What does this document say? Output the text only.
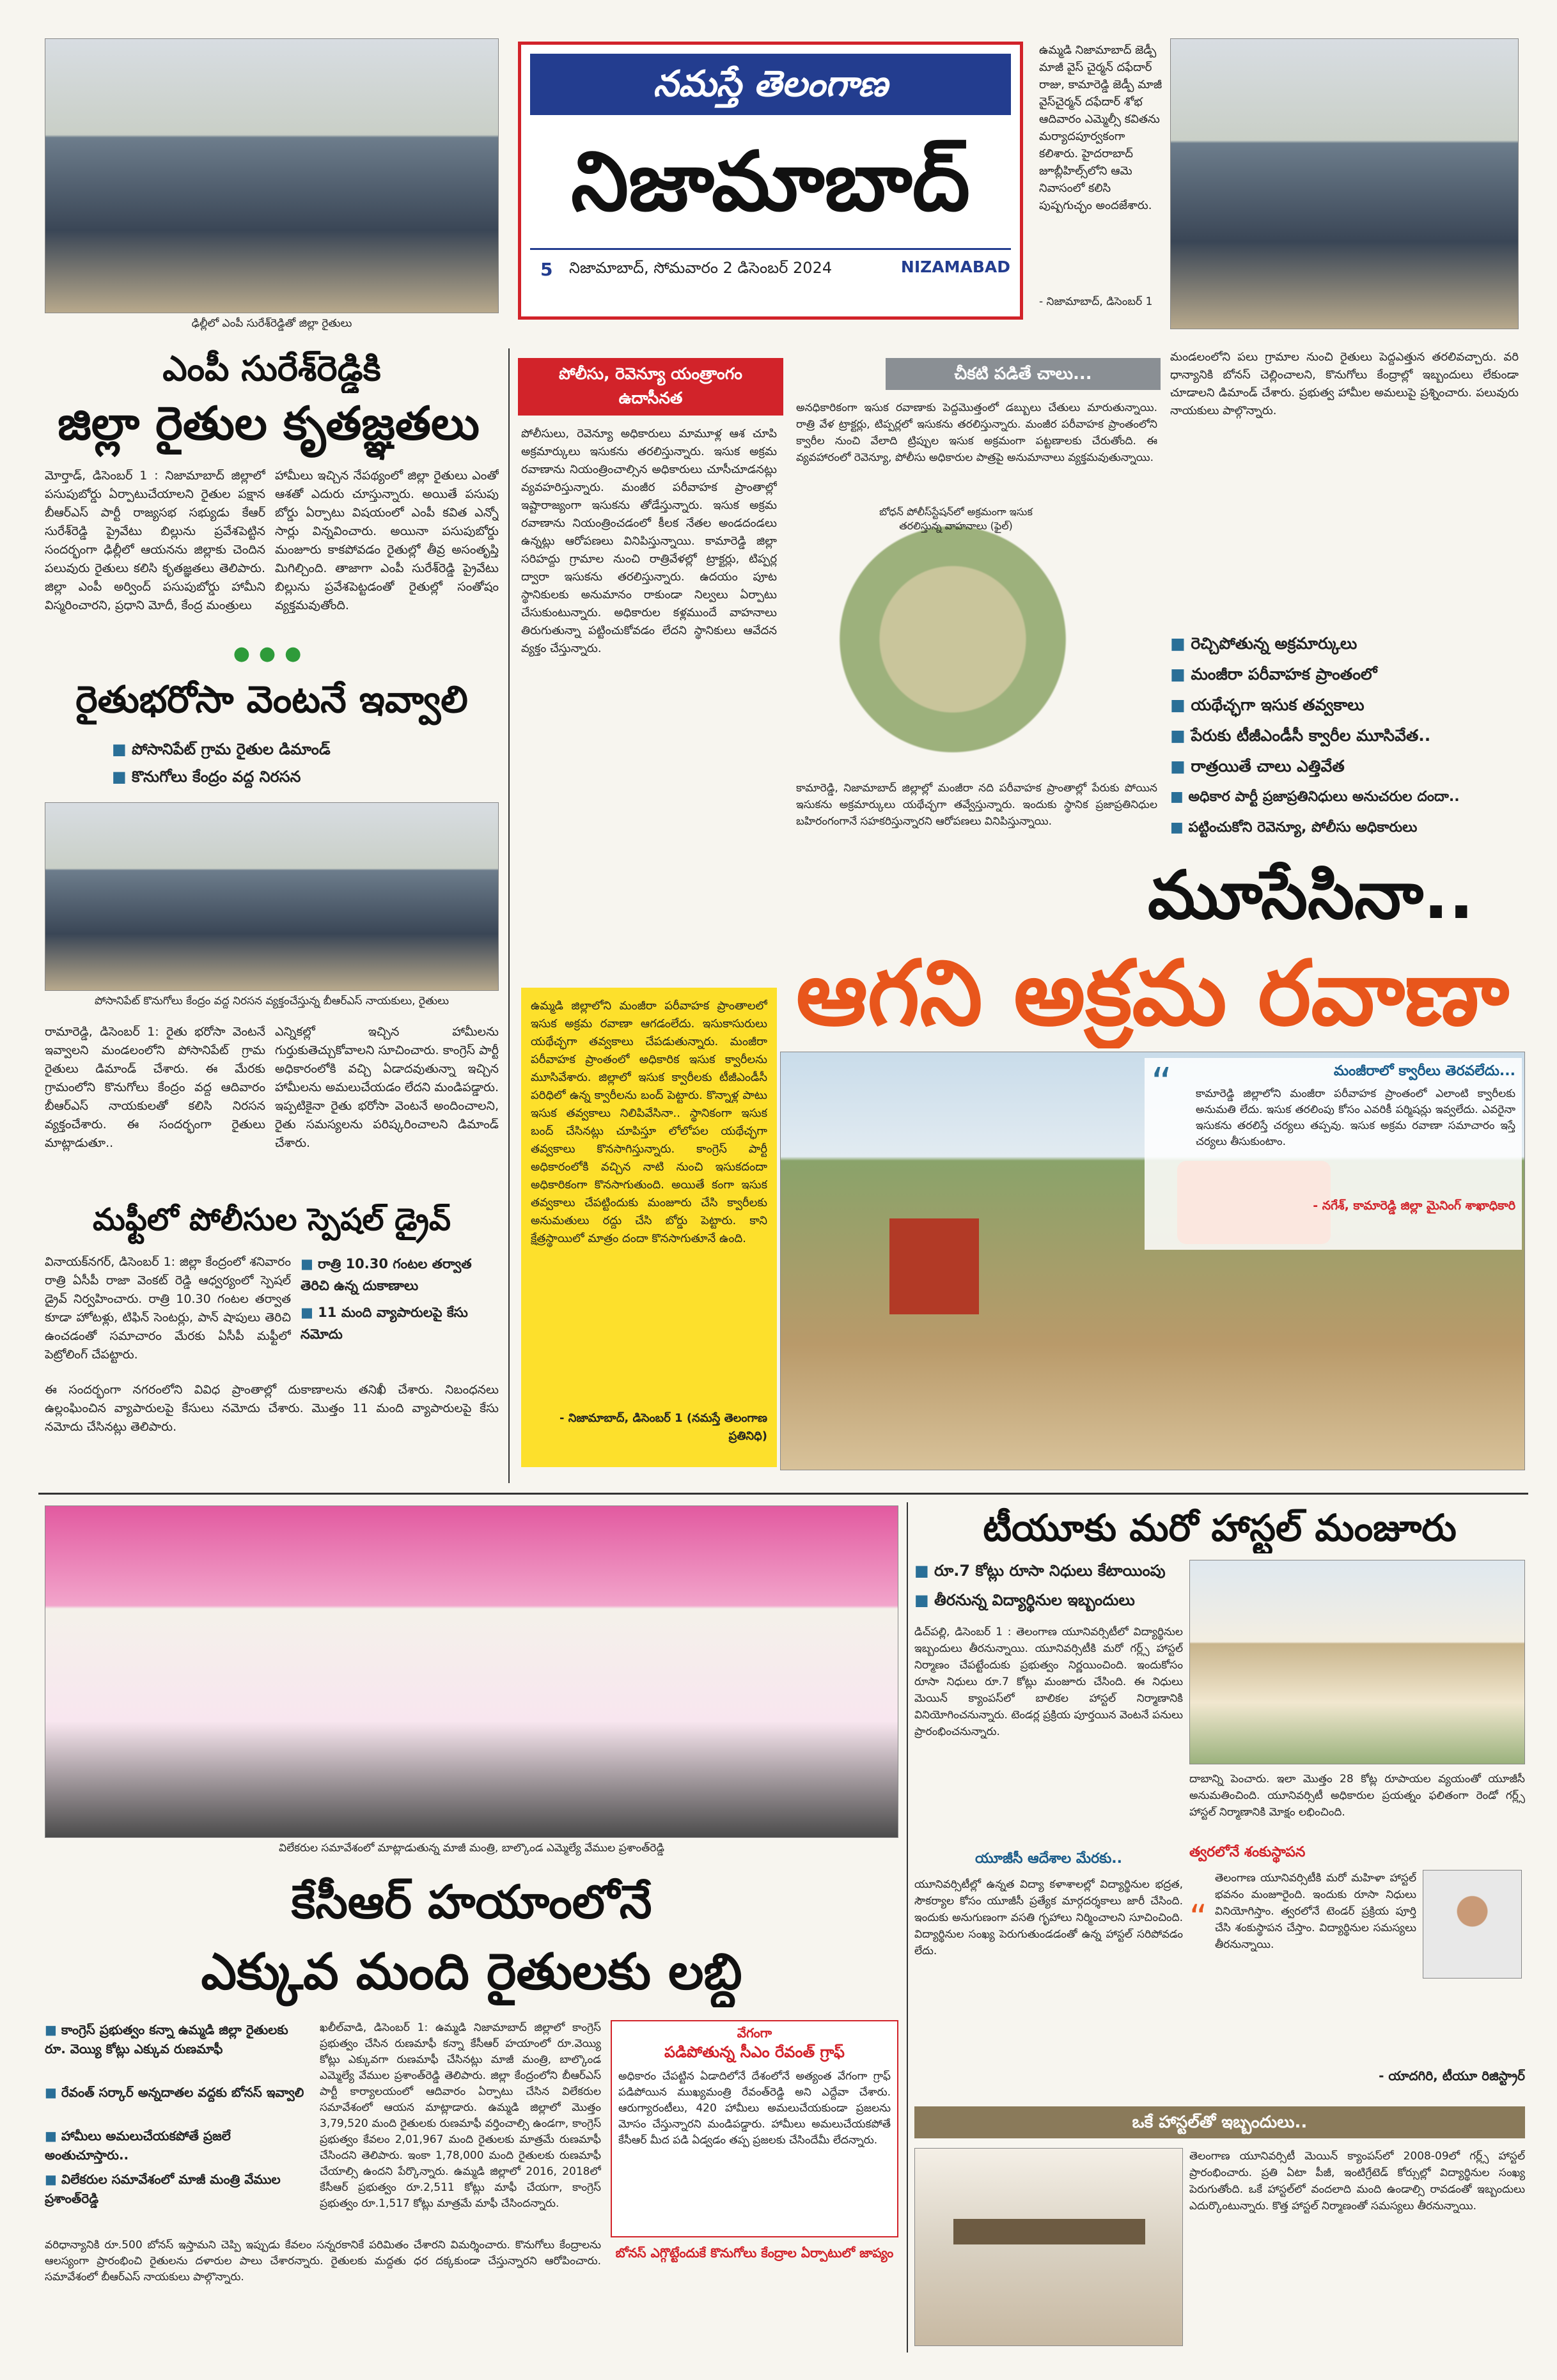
ఢిల్లీలో ఎంపీ సురేశ్‌రెడ్డితో జిల్లా రైతులు
ఎంపీ సురేశ్‌రెడ్డికి
జిల్లా రైతుల కృతజ్ఞతలు
మోర్తాడ్, డిసెంబర్ 1 : నిజామాబాద్ జిల్లాలో పసుపుబోర్డు ఏర్పాటుచేయాలని రైతుల పక్షాన బీఆర్‌ఎస్ పార్టీ రాజ్యసభ సభ్యుడు కేఆర్ సురేశ్‌రెడ్డి ప్రైవేటు బిల్లును ప్రవేశపెట్టిన సందర్భంగా ఢిల్లీలో ఆయనను జిల్లాకు చెందిన పలువురు రైతులు కలిసి కృతజ్ఞతలు తెలిపారు. జిల్లా ఎంపీ అర్వింద్ పసుపుబోర్డు హామీని విస్మరించారని, ప్రధాని మోదీ, కేంద్ర మంత్రులు
హామీలు ఇచ్చిన నేపథ్యంలో జిల్లా రైతులు ఎంతో ఆశతో ఎదురు చూస్తున్నారు. అయితే పసుపు బోర్డు ఏర్పాటు విషయంలో ఎంపీ కవిత ఎన్నో సార్లు విన్నవించారు. అయినా పసుపుబోర్డు మంజూరు కాకపోవడం రైతుల్లో తీవ్ర అసంతృప్తి మిగిల్చింది. తాజాగా ఎంపీ సురేశ్‌రెడ్డి ప్రైవేటు బిల్లును ప్రవేశపెట్టడంతో రైతుల్లో సంతోషం వ్యక్తమవుతోంది.
●●●
రైతుభరోసా వెంటనే ఇవ్వాలి
■ పోసానిపేట్ గ్రామ రైతుల డిమాండ్
■ కొనుగోలు కేంద్రం వద్ద నిరసన
పోసానిపేట్ కొనుగోలు కేంద్రం వద్ద నిరసన వ్యక్తంచేస్తున్న బీఆర్‌ఎస్ నాయకులు, రైతులు
రామారెడ్డి, డిసెంబర్ 1: రైతు భరోసా వెంటనే ఇవ్వాలని మండలంలోని పోసానిపేట్ గ్రామ రైతులు డిమాండ్ చేశారు. ఈ మేరకు గ్రామంలోని కొనుగోలు కేంద్రం వద్ద ఆదివారం బీఆర్‌ఎస్ నాయకులతో కలిసి నిరసన వ్యక్తంచేశారు. ఈ సందర్భంగా రైతులు మాట్లాడుతూ..
ఎన్నికల్లో ఇచ్చిన హామీలను గుర్తుకుతెచ్చుకోవాలని సూచించారు. కాంగ్రెస్ పార్టీ అధికారంలోకి వచ్చి ఏడాదవుతున్నా ఇచ్చిన హామీలను అమలుచేయడం లేదని మండిపడ్డారు. ఇప్పటికైనా రైతు భరోసా వెంటనే అందించాలని, రైతు సమస్యలను పరిష్కరించాలని డిమాండ్ చేశారు.
మఫ్టీలో పోలీసుల స్పెషల్ డ్రైవ్
వినాయక్‌నగర్, డిసెంబర్ 1: జిల్లా కేంద్రంలో శనివారం రాత్రి ఏసీపీ రాజా వెంకట్ రెడ్డి ఆధ్వర్యంలో స్పెషల్ డ్రైవ్ నిర్వహించారు. రాత్రి 10.30 గంటల తర్వాత కూడా హోటళ్లు, టిఫిన్ సెంటర్లు, పాన్ షాపులు తెరిచి ఉంచడంతో సమాచారం మేరకు ఏసీపీ మఫ్టీలో పెట్రోలింగ్ చేపట్టారు.
■ రాత్రి 10.30 గంటల తర్వాత తెరిచి ఉన్న దుకాణాలు
■ 11 మంది వ్యాపారులపై కేసు నమోదు
ఈ సందర్భంగా నగరంలోని వివిధ ప్రాంతాల్లో దుకాణాలను తనిఖీ చేశారు. నిబంధనలు ఉల్లంఘించిన వ్యాపారులపై కేసులు నమోదు చేశారు. మొత్తం 11 మంది వ్యాపారులపై కేసు నమోదు చేసినట్లు తెలిపారు.
నమస్తే తెలంగాణ
నిజామాబాద్
5	నిజామాబాద్, సోమవారం 2 డిసెంబర్ 2024	NIZAMABAD
ఉమ్మడి నిజామాబాద్ జెడ్పీ మాజీ వైస్ చైర్మన్ దఫేదార్ రాజు, కామారెడ్డి జెడ్పీ మాజీ వైస్‌చైర్మన్ దఫేదార్ శోభ ఆదివారం ఎమ్మెల్సీ కవితను మర్యాదపూర్వకంగా కలిశారు. హైదరాబాద్ జూబ్లీహిల్స్‌లోని ఆమె నివాసంలో కలిసి పుష్పగుచ్ఛం అందజేశారు.
- నిజామాబాద్, డిసెంబర్ 1
పోలీసు, రెవెన్యూ యంత్రాంగం ఉదాసీనత
పోలీసులు, రెవెన్యూ అధికారులు మామూళ్ల ఆశ చూపి అక్రమార్కులు ఇసుకను తరలిస్తున్నారు. ఇసుక అక్రమ రవాణాను నియంత్రించాల్సిన అధికారులు చూసీచూడనట్లు వ్యవహరిస్తున్నారు. మంజీర పరీవాహక ప్రాంతాల్లో ఇష్టారాజ్యంగా ఇసుకను తోడేస్తున్నారు. ఇసుక అక్రమ రవాణాను నియంత్రించడంలో కీలక నేతల అండదండలు ఉన్నట్లు ఆరోపణలు వినిపిస్తున్నాయి. కామారెడ్డి జిల్లా సరిహద్దు గ్రామాల నుంచి రాత్రివేళల్లో ట్రాక్టర్లు, టిప్పర్ల ద్వారా ఇసుకను తరలిస్తున్నారు. ఉదయం పూట స్థానికులకు అనుమానం రాకుండా నిల్వలు ఏర్పాటు చేసుకుంటున్నారు. అధికారుల కళ్లముందే వాహనాలు తిరుగుతున్నా పట్టించుకోవడం లేదని స్థానికులు ఆవేదన వ్యక్తం చేస్తున్నారు.
చీకటి పడితే చాలు...
అనధికారికంగా ఇసుక రవాణాకు పెద్దమొత్తంలో డబ్బులు చేతులు మారుతున్నాయి. రాత్రి వేళ ట్రాక్టర్లు, టిప్పర్లలో ఇసుకను తరలిస్తున్నారు. మంజీర పరీవాహక ప్రాంతంలోని క్వారీల నుంచి వేలాది ట్రిప్పుల ఇసుక అక్రమంగా పట్టణాలకు చేరుతోంది. ఈ వ్యవహారంలో రెవెన్యూ, పోలీసు అధికారుల పాత్రపై అనుమానాలు వ్యక్తమవుతున్నాయి.
బోధన్ పోలీస్‌స్టేషన్‌లో అక్రమంగా ఇసుక తరలిస్తున్న వాహనాలు (ఫైల్)
కామారెడ్డి, నిజామాబాద్ జిల్లాల్లో మంజీరా నది పరీవాహక ప్రాంతాల్లో పేరుకు పోయిన ఇసుకను అక్రమార్కులు యథేచ్ఛగా తవ్వేస్తున్నారు. ఇందుకు స్థానిక ప్రజాప్రతినిధుల బహిరంగంగానే సహకరిస్తున్నారని ఆరోపణలు వినిపిస్తున్నాయి.
మండలంలోని పలు గ్రామాల నుంచి రైతులు పెద్దఎత్తున తరలివచ్చారు. వరి ధాన్యానికి బోనస్ చెల్లించాలని, కొనుగోలు కేంద్రాల్లో ఇబ్బందులు లేకుండా చూడాలని డిమాండ్ చేశారు. ప్రభుత్వ హామీల అమలుపై ప్రశ్నించారు. పలువురు నాయకులు పాల్గొన్నారు.
■ రెచ్చిపోతున్న అక్రమార్కులు
■ మంజీరా పరీవాహక ప్రాంతంలో
■ యథేచ్ఛగా ఇసుక తవ్వకాలు
■ పేరుకు టీజీఎండీసీ క్వారీల మూసివేత..
■ రాత్రయితే చాలు ఎత్తివేత
■ అధికార పార్టీ ప్రజాప్రతినిధులు అనుచరుల దందా..
■ పట్టించుకోని రెవెన్యూ, పోలీసు అధికారులు
మూసేసినా..
ఆగని అక్రమ రవాణా
ఉమ్మడి జిల్లాలోని మంజీరా పరీవాహక ప్రాంతాలలో ఇసుక అక్రమ రవాణా ఆగడంలేదు. ఇసుకాసురులు యథేచ్ఛగా తవ్వకాలు చేపడుతున్నారు. మంజీరా పరీవాహక ప్రాంతంలో అధికారిక ఇసుక క్వారీలను మూసివేశారు. జిల్లాలో ఇసుక క్వారీలకు టీజీఎండీసీ పరిధిలో ఉన్న క్వారీలను బంద్ పెట్టారు. కొన్నాళ్ల పాటు ఇసుక తవ్వకాలు నిలిపివేసినా.. స్థానికంగా ఇసుక బంద్ చేసినట్లు చూపిస్తూ లోలోపల యథేచ్ఛగా తవ్వకాలు కొనసాగిస్తున్నారు. కాంగ్రెస్ పార్టీ అధికారంలోకి వచ్చిన నాటి నుంచి ఇసుకదందా అధికారికంగా కొనసాగుతుంది. అయితే కంగా ఇసుక తవ్వకాలు చేపట్టిందుకు మంజూరు చేసి క్వారీలకు అనుమతులు రద్దు చేసి బోర్డు పెట్టారు. కాని క్షేత్రస్థాయిలో మాత్రం దందా కొనసాగుతూనే ఉంది.
- నిజామాబాద్, డిసెంబర్ 1 (నమస్తే తెలంగాణ ప్రతినిధి)
“	మంజీరాలో క్వారీలు తెరవలేదు...
కామారెడ్డి జిల్లాలోని మంజీరా పరీవాహక ప్రాంతంలో ఎలాంటి క్వారీలకు అనుమతి లేదు. ఇసుక తరలింపు కోసం ఎవరికీ పర్మిషన్లు ఇవ్వలేదు. ఎవరైనా ఇసుకను తరలిస్తే చర్యలు తప్పవు. ఇసుక అక్రమ రవాణా సమాచారం ఇస్తే చర్యలు తీసుకుంటాం.
- నగేశ్, కామారెడ్డి జిల్లా మైనింగ్ శాఖాధికారి
విలేకరుల సమావేశంలో మాట్లాడుతున్న మాజీ మంత్రి, బాల్కొండ ఎమ్మెల్యే వేముల ప్రశాంత్‌రెడ్డి
కేసీఆర్ హయాంలోనే
ఎక్కువ మంది రైతులకు లబ్ధి
■ కాంగ్రెస్ ప్రభుత్వం కన్నా ఉమ్మడి జిల్లా రైతులకు రూ. వెయ్యి కోట్లు ఎక్కువ రుణమాఫీ
■ రేవంత్ సర్కార్ అన్నదాతల వద్దకు బోనస్ ఇవ్వాలి
■ హామీలు అమలుచేయకపోతే ప్రజలే అంతుచూస్తారు..
■ విలేకరుల సమావేశంలో మాజీ మంత్రి వేముల ప్రశాంత్‌రెడ్డి
ఖలీల్‌వాడి, డిసెంబర్ 1: ఉమ్మడి నిజామాబాద్ జిల్లాలో కాంగ్రెస్ ప్రభుత్వం చేసిన రుణమాఫీ కన్నా కేసీఆర్ హయాంలో రూ.వెయ్యి కోట్లు ఎక్కువగా రుణమాఫీ చేసినట్లు మాజీ మంత్రి, బాల్కొండ ఎమ్మెల్యే వేముల ప్రశాంత్‌రెడ్డి తెలిపారు. జిల్లా కేంద్రంలోని బీఆర్‌ఎస్ పార్టీ కార్యాలయంలో ఆదివారం ఏర్పాటు చేసిన విలేకరుల సమావేశంలో ఆయన మాట్లాడారు. ఉమ్మడి జిల్లాలో మొత్తం 3,79,520 మంది రైతులకు రుణమాఫీ వర్తించాల్సి ఉండగా, కాంగ్రెస్ ప్రభుత్వం కేవలం 2,01,967 మంది రైతులకు మాత్రమే రుణమాఫీ చేసిందని తెలిపారు. ఇంకా 1,78,000 మంది రైతులకు రుణమాఫీ చేయాల్సి ఉందని పేర్కొన్నారు. ఉమ్మడి జిల్లాలో 2016, 2018లో కేసీఆర్ ప్రభుత్వం రూ.2,511 కోట్లు మాఫీ చేయగా, కాంగ్రెస్ ప్రభుత్వం రూ.1,517 కోట్లు మాత్రమే మాఫీ చేసిందన్నారు.
వరిధాన్యానికి రూ.500 బోనస్ ఇస్తామని చెప్పి ఇప్పుడు కేవలం సన్నరకానికే పరిమితం చేశారని విమర్శించారు. కొనుగోలు కేంద్రాలను ఆలస్యంగా ప్రారంభించి రైతులను దళారుల పాలు చేశారన్నారు. రైతులకు మద్దతు ధర దక్కకుండా చేస్తున్నారని ఆరోపించారు. సమావేశంలో బీఆర్‌ఎస్ నాయకులు పాల్గొన్నారు.
వేగంగా
పడిపోతున్న సీఎం రేవంత్ గ్రాఫ్
అధికారం చేపట్టిన ఏడాదిలోనే దేశంలోనే అత్యంత వేగంగా గ్రాఫ్ పడిపోయిన ముఖ్యమంత్రి రేవంత్‌రెడ్డి అని ఎద్దేవా చేశారు. ఆరుగ్యారంటీలు, 420 హామీలు అమలుచేయకుండా ప్రజలను మోసం చేస్తున్నారని మండిపడ్డారు. హామీలు అమలుచేయకపోతే కేసీఆర్ మీద పడి ఏడ్వడం తప్ప ప్రజలకు చేసిందేమీ లేదన్నారు.
బోనస్ ఎగ్గొట్టేందుకే కొనుగోలు కేంద్రాల ఏర్పాటులో జాప్యం
టీయూకు మరో హాస్టల్ మంజూరు
■ రూ.7 కోట్లు రూసా నిధులు కేటాయింపు
■ తీరనున్న విద్యార్థినుల ఇబ్బందులు
డిచ్‌పల్లి, డిసెంబర్ 1 : తెలంగాణ యూనివర్సిటీలో విద్యార్థినుల ఇబ్బందులు తీరనున్నాయి. యూనివర్సిటీకి మరో గర్ల్స్ హాస్టల్ నిర్మాణం చేపట్టేందుకు ప్రభుత్వం నిర్ణయించింది. ఇందుకోసం రూసా నిధులు రూ.7 కోట్లు మంజూరు చేసింది. ఈ నిధులు మెయిన్ క్యాంపస్‌లో బాలికల హాస్టల్ నిర్మాణానికి వినియోగించనున్నారు. టెండర్ల ప్రక్రియ పూర్తయిన వెంటనే పనులు ప్రారంభించనున్నారు.
దాబాన్ని పెంచారు. ఇలా మొత్తం 28 కోట్ల రూపాయల వ్యయంతో యూజీసీ అనుమతించింది. యూనివర్సిటీ అధికారుల ప్రయత్నం ఫలితంగా రెండో గర్ల్స్ హాస్టల్ నిర్మాణానికి మోక్షం లభించింది.
యూజీసీ ఆదేశాల మేరకు..
యూనివర్సిటీల్లో ఉన్నత విద్యా కళాశాలల్లో విద్యార్థినుల భద్రత, సౌకర్యాల కోసం యూజీసీ ప్రత్యేక మార్గదర్శకాలు జారీ చేసింది. ఇందుకు అనుగుణంగా వసతి గృహాలు నిర్మించాలని సూచించింది. విద్యార్థినుల సంఖ్య పెరుగుతుండడంతో ఉన్న హాస్టల్ సరిపోవడం లేదు.
త్వరలోనే శంకుస్థాపన
“
తెలంగాణ యూనివర్సిటీకి మరో మహిళా హాస్టల్ భవనం మంజూరైంది. ఇందుకు రూసా నిధులు వినియోగిస్తాం. త్వరలోనే టెండర్ ప్రక్రియ పూర్తి చేసి శంకుస్థాపన చేస్తాం. విద్యార్థినుల సమస్యలు తీరనున్నాయి.
- యాదగిరి, టీయూ రిజిస్ట్రార్
ఒకే హాస్టల్‌తో ఇబ్బందులు..
తెలంగాణ యూనివర్సిటీ మెయిన్ క్యాంపస్‌లో 2008-09లో గర్ల్స్ హాస్టల్ ప్రారంభించారు. ప్రతి ఏటా పీజీ, ఇంటిగ్రేటెడ్ కోర్సుల్లో విద్యార్థినుల సంఖ్య పెరుగుతోంది. ఒకే హాస్టల్‌లో వందలాది మంది ఉండాల్సి రావడంతో ఇబ్బందులు ఎదుర్కొంటున్నారు. కొత్త హాస్టల్ నిర్మాణంతో సమస్యలు తీరనున్నాయి.
